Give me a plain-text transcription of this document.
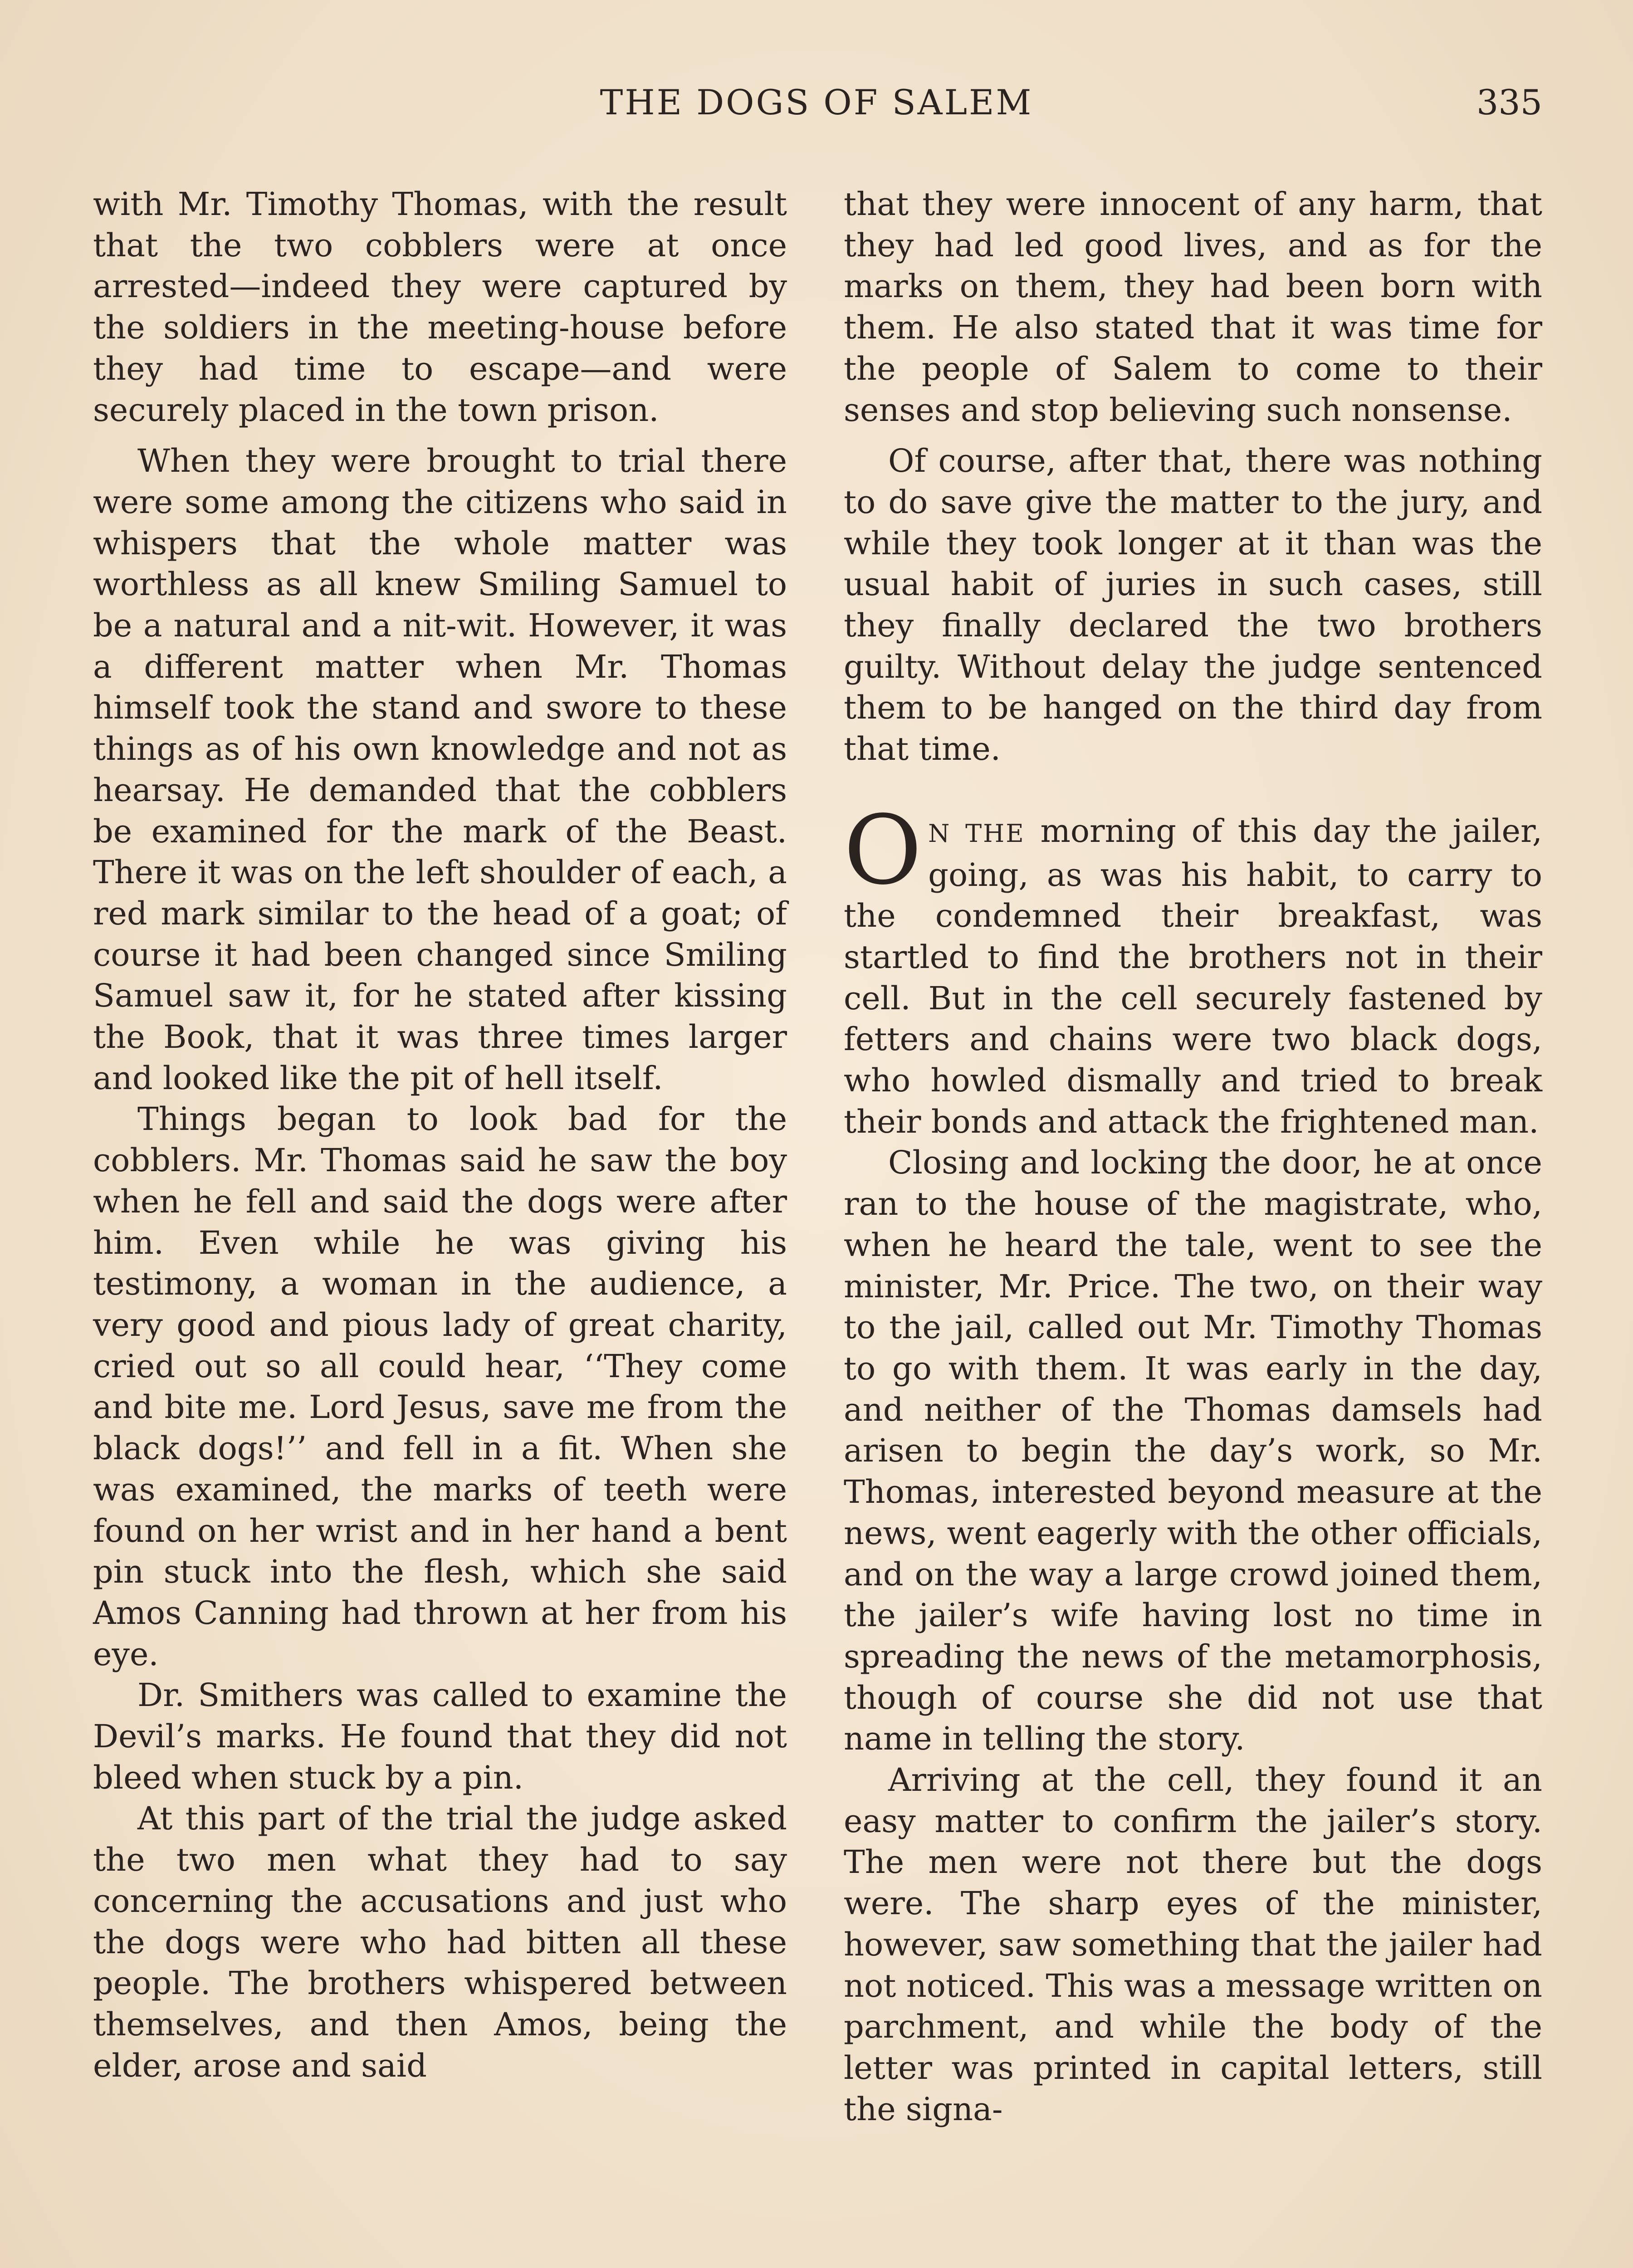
THE DOGS OF SALEM	335

with Mr. Timothy Thomas, with the result that the two cobblers were at once arrested—indeed they were captured by the soldiers in the meeting-house before they had time to escape—and were securely placed in the town prison.

When they were brought to trial there were some among the citizens who said in whispers that the whole matter was worthless as all knew Smiling Samuel to be a natural and a nit-wit. However, it was a different matter when Mr. Thomas himself took the stand and swore to these things as of his own knowledge and not as hearsay. He demanded that the cobblers be examined for the mark of the Beast. There it was on the left shoulder of each, a red mark similar to the head of a goat; of course it had been changed since Smiling Samuel saw it, for he stated after kissing the Book, that it was three times larger and looked like the pit of hell itself.

Things began to look bad for the cobblers. Mr. Thomas said he saw the boy when he fell and said the dogs were after him. Even while he was giving his testimony, a woman in the audience, a very good and pious lady of great charity, cried out so all could hear, ‘‘They come and bite me. Lord Jesus, save me from the black dogs!’’ and fell in a fit. When she was examined, the marks of teeth were found on her wrist and in her hand a bent pin stuck into the flesh, which she said Amos Canning had thrown at her from his eye.

Dr. Smithers was called to examine the Devil’s marks. He found that they did not bleed when stuck by a pin.

At this part of the trial the judge asked the two men what they had to say concerning the accusations and just who the dogs were who had bitten all these people. The brothers whispered between themselves, and then Amos, being the elder, arose and said

that they were innocent of any harm, that they had led good lives, and as for the marks on them, they had been born with them. He also stated that it was time for the people of Salem to come to their senses and stop believing such nonsense.

Of course, after that, there was nothing to do save give the matter to the jury, and while they took longer at it than was the usual habit of juries in such cases, still they finally declared the two brothers guilty. Without delay the judge sentenced them to be hanged on the third day from that time.

O N THE morning of this day the jailer, going, as was his habit, to carry to the condemned their breakfast, was startled to find the brothers not in their cell. But in the cell securely fastened by fetters and chains were two black dogs, who howled dismally and tried to break their bonds and attack the frightened man.

Closing and locking the door, he at once ran to the house of the magistrate, who, when he heard the tale, went to see the minister, Mr. Price. The two, on their way to the jail, called out Mr. Timothy Thomas to go with them. It was early in the day, and neither of the Thomas damsels had arisen to begin the day’s work, so Mr. Thomas, interested beyond measure at the news, went eagerly with the other officials, and on the way a large crowd joined them, the jailer’s wife having lost no time in spreading the news of the metamorphosis, though of course she did not use that name in telling the story.

Arriving at the cell, they found it an easy matter to confirm the jailer’s story. The men were not there but the dogs were. The sharp eyes of the minister, however, saw something that the jailer had not noticed. This was a message written on parchment, and while the body of the letter was printed in capital letters, still the signa-
